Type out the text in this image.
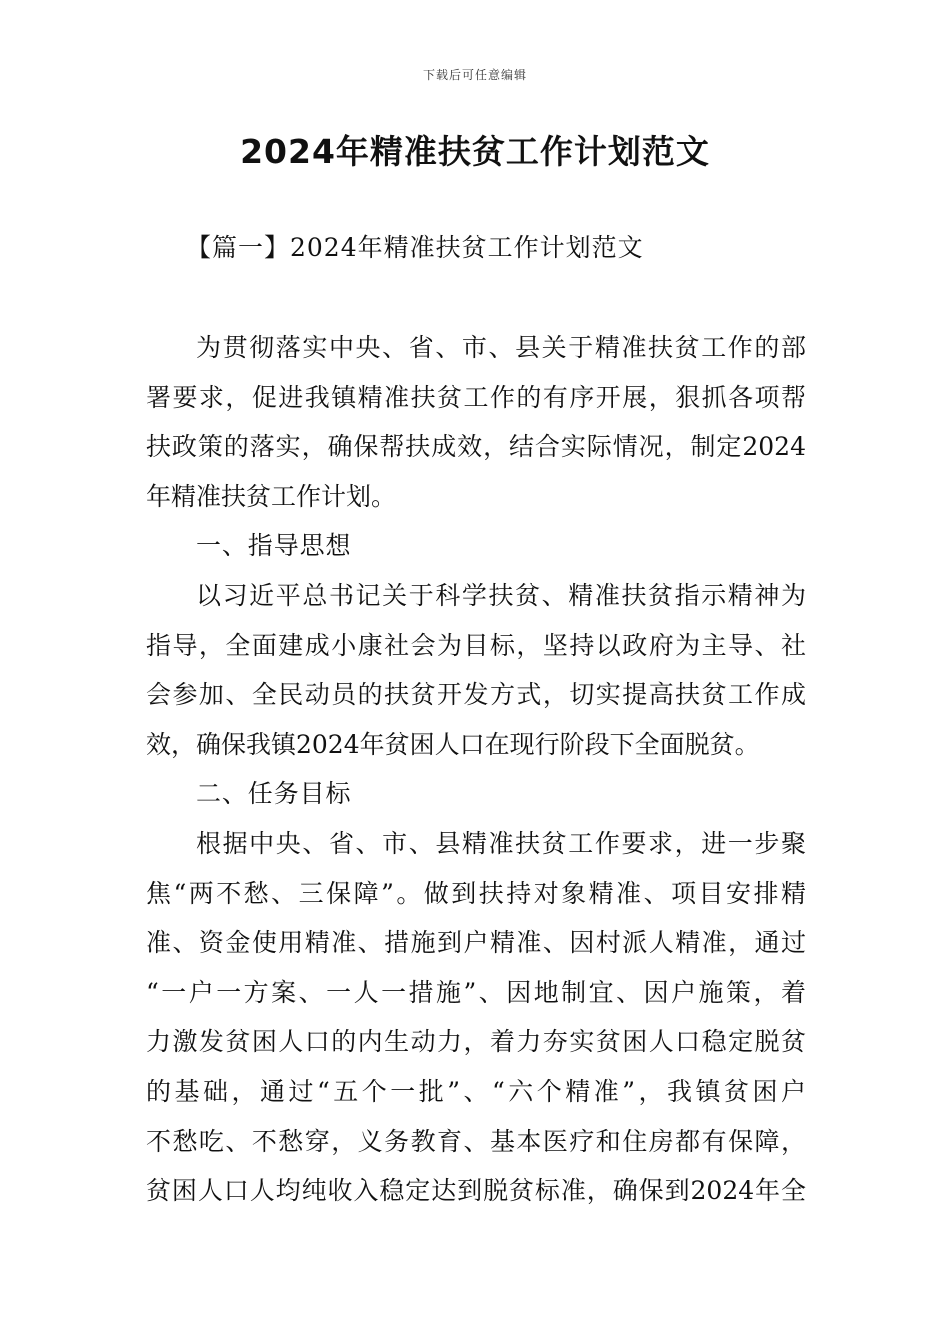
下载后可任意编辑
2024年精准扶贫工作计划范文
【篇一】2024年精准扶贫工作计划范文
为贯彻落实中央、省、市、县关于精准扶贫工作的部
署要求，促进我镇精准扶贫工作的有序开展，狠抓各项帮
扶政策的落实，确保帮扶成效，结合实际情况，制定2024
年精准扶贫工作计划。
一、指导思想
以习近平总书记关于科学扶贫、精准扶贫指示精神为
指导，全面建成小康社会为目标，坚持以政府为主导、社
会参加、全民动员的扶贫开发方式，切实提高扶贫工作成
效，确保我镇2024年贫困人口在现行阶段下全面脱贫。
二、任务目标
根据中央、省、市、县精准扶贫工作要求，进一步聚
焦“两不愁、三保障”。做到扶持对象精准、项目安排精
准、资金使用精准、措施到户精准、因村派人精准，通过
“一户一方案、一人一措施”、因地制宜、因户施策，着
力激发贫困人口的内生动力，着力夯实贫困人口稳定脱贫
的基础，通过“五个一批”、“六个精准”，我镇贫困户
不愁吃、不愁穿，义务教育、基本医疗和住房都有保障，
贫困人口人均纯收入稳定达到脱贫标准，确保到2024年全
